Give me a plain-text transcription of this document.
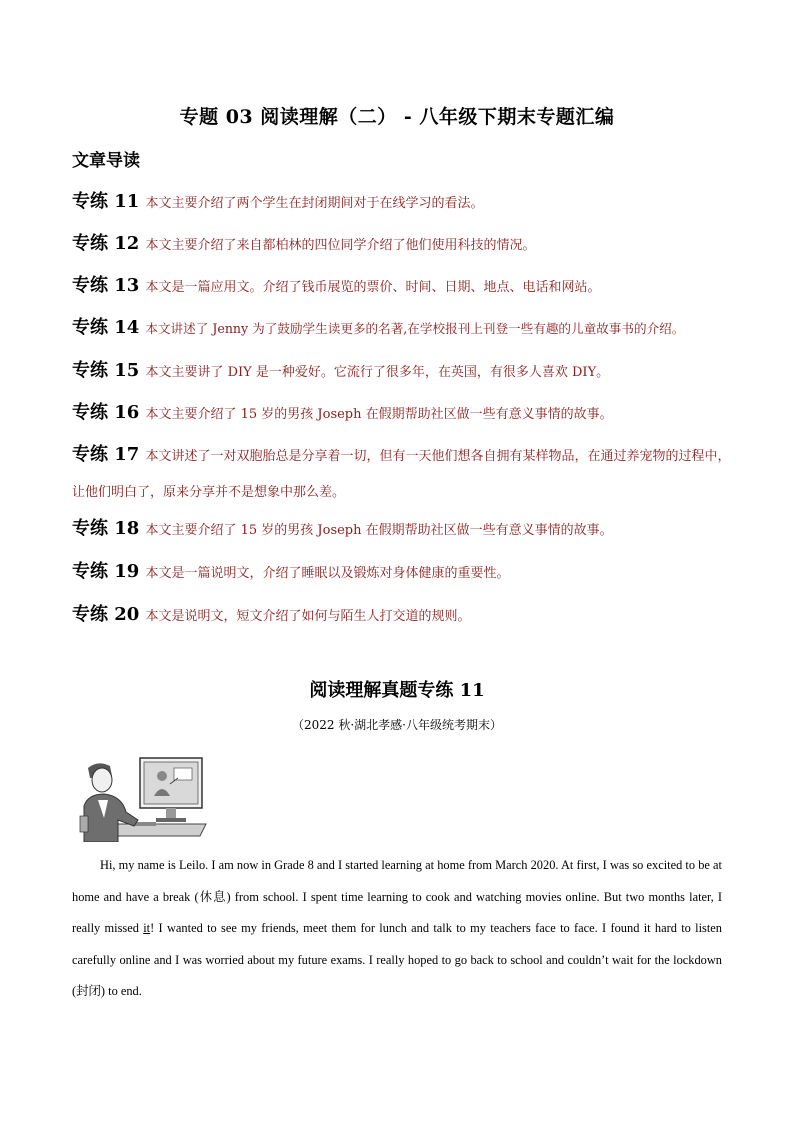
专题 03 阅读理解（二） - 八年级下期末专题汇编
文章导读
专练 11 本文主要介绍了两个学生在封闭期间对于在线学习的看法。
专练 12 本文主要介绍了来自都柏林的四位同学介绍了他们使用科技的情况。
专练 13 本文是一篇应用文。介绍了钱币展览的票价、时间、日期、地点、电话和网站。
专练 14 本文讲述了 Jenny 为了鼓励学生读更多的名著,在学校报刊上刊登一些有趣的儿童故事书的介绍。
专练 15 本文主要讲了 DIY 是一种爱好。它流行了很多年，在英国，有很多人喜欢 DIY。
专练 16 本文主要介绍了 15 岁的男孩 Joseph 在假期帮助社区做一些有意义事情的故事。
专练 17 本文讲述了一对双胞胎总是分享着一切，但有一天他们想各自拥有某样物品，在通过养宠物的过程中，让他们明白了，原来分享并不是想象中那么差。
专练 18 本文主要介绍了 15 岁的男孩 Joseph 在假期帮助社区做一些有意义事情的故事。
专练 19 本文是一篇说明文，介绍了睡眠以及锻炼对身体健康的重要性。
专练 20 本文是说明文，短文介绍了如何与陌生人打交道的规则。
阅读理解真题专练 11
（2022 秋·湖北孝感·八年级统考期末）

Hi, my name is Leilo. I am now in Grade 8 and I started learning at home from March 2020. At first, I was so excited to be at home and have a break (休息) from school. I spent time learning to cook and watching movies online. But two months later, I really missed it! I wanted to see my friends, meet them for lunch and talk to my teachers face to face. I found it hard to listen carefully online and I was worried about my future exams. I really hoped to go back to school and couldn’t wait for the lockdown (封闭) to end.
